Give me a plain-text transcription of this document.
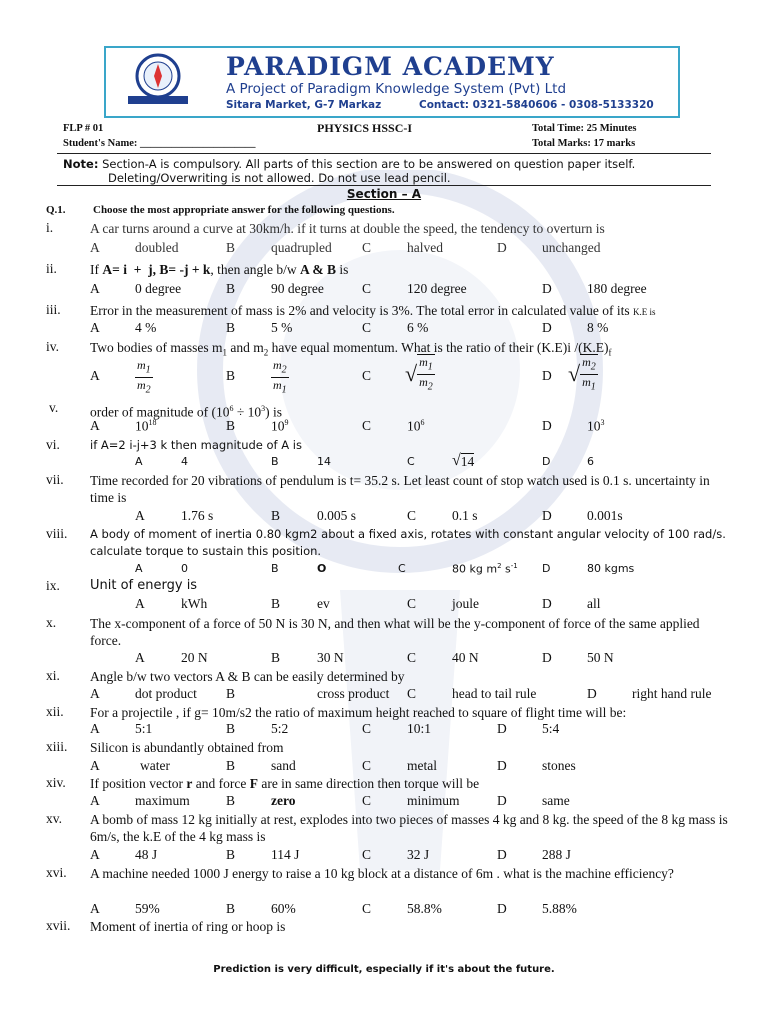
PARADIGM ACADEMY
A Project of Paradigm Knowledge System (Pvt) Ltd
Sitara Market, G-7 Markaz	Contact: 0321-5840606 - 0308-5133320
FLP # 01	PHYSICS HSSC-I	Total Time: 25 Minutes
Student's Name: ______________________	Total Marks: 17 marks
Note: Section-A is compulsory. All parts of this section are to be answered on question paper itself.
Deleting/Overwriting is not allowed. Do not use lead pencil.
Section – A
Q.1. Choose the most appropriate answer for the following questions.
i.	A car turns around a curve at 30km/h. if it turns at double the speed, the tendency to overturn is
A	doubled	B	quadrupled C	halved	D	unchanged
ii. If A= i  +  j, B= -j + k, then angle b/w A & B is
A	0 degree	B	90 degree	C	120 degree	D	180 degree
iii. Error in the measurement of mass is 2% and velocity is 3%. The total error in calculated value of its K.E is
A	4 %	B	5 %	C	6 %	D	8 %
iv. Two bodies of masses $m_1$ and $m_2$ have equal momentum. What is the ratio of their (K.E)i $/(K.E)_f$
A	$\frac{m_1}{m_2}$	B	$\frac{m_2}{m_1}$	C √ $\frac{m_1}{m_2}$	D √ $\frac{m_2}{m_1}$
v. order of magnitude of $(10^6 \div 10^3)$ is
A	$10^{18}$	B	$10^9$	C	$10^6$	D	$10^3$
vi.	if A=2 i-j+3 k then magnitude of A is
A	4	B	14	C √ 14	D	6
vii. Time recorded for 20 vibrations of pendulum is t= 35.2 s. Let least count of stop watch used is 0.1 s. uncertainty in time is
A	1.76 s	B	0.005 s	C	0.1 s	D	0.001s
viii. A body of moment of inertia 0.80 kgm2 about a fixed axis, rotates with constant angular velocity of 100 rad/s.
calculate torque to sustain this position.
A	0	B	O	C	80 kg $m^2$ $s^{-1}$ D	80 kgms
ix. Unit of energy is
A	kWh	B	ev	C	joule	D	all
x.	The x-component of a force of 50 N is 30 N, and then what will be the y-component of force of the same applied force.
A	20 N	B	30 N	C	40 N	D	50 N
xi. Angle b/w two vectors A & B can be easily determined by
A	dot product B	cross product C	head to tail rule	D	right hand rule
xii. For a projectile , if g= 10m/s2 the ratio of maximum height reached to square of flight time will be:
A	5:1	B	5:2	C	10:1	D	5:4
xiii. Silicon is abundantly obtained from
A	water	B	sand	C	metal	D	stones
xiv. If position vector r and force F are in same direction then torque will be
A	maximum	B	zero	C	minimum	D	same
xv. A bomb of mass 12 kg initially at rest, explodes into two pieces of masses 4 kg and 8 kg. the speed of the 8 kg mass is 6m/s, the k.E of the 4 kg mass is
A	48 J	B	114 J	C	32 J	D	288 J
xvi. A machine needed 1000 J energy to raise a 10 kg block at a distance of 6m . what is the machine efficiency?
A	59%	B	60%	C	58.8%	D	5.88%
xvii. Moment of inertia of ring or hoop is
Prediction is very difficult, especially if it's about the future.
